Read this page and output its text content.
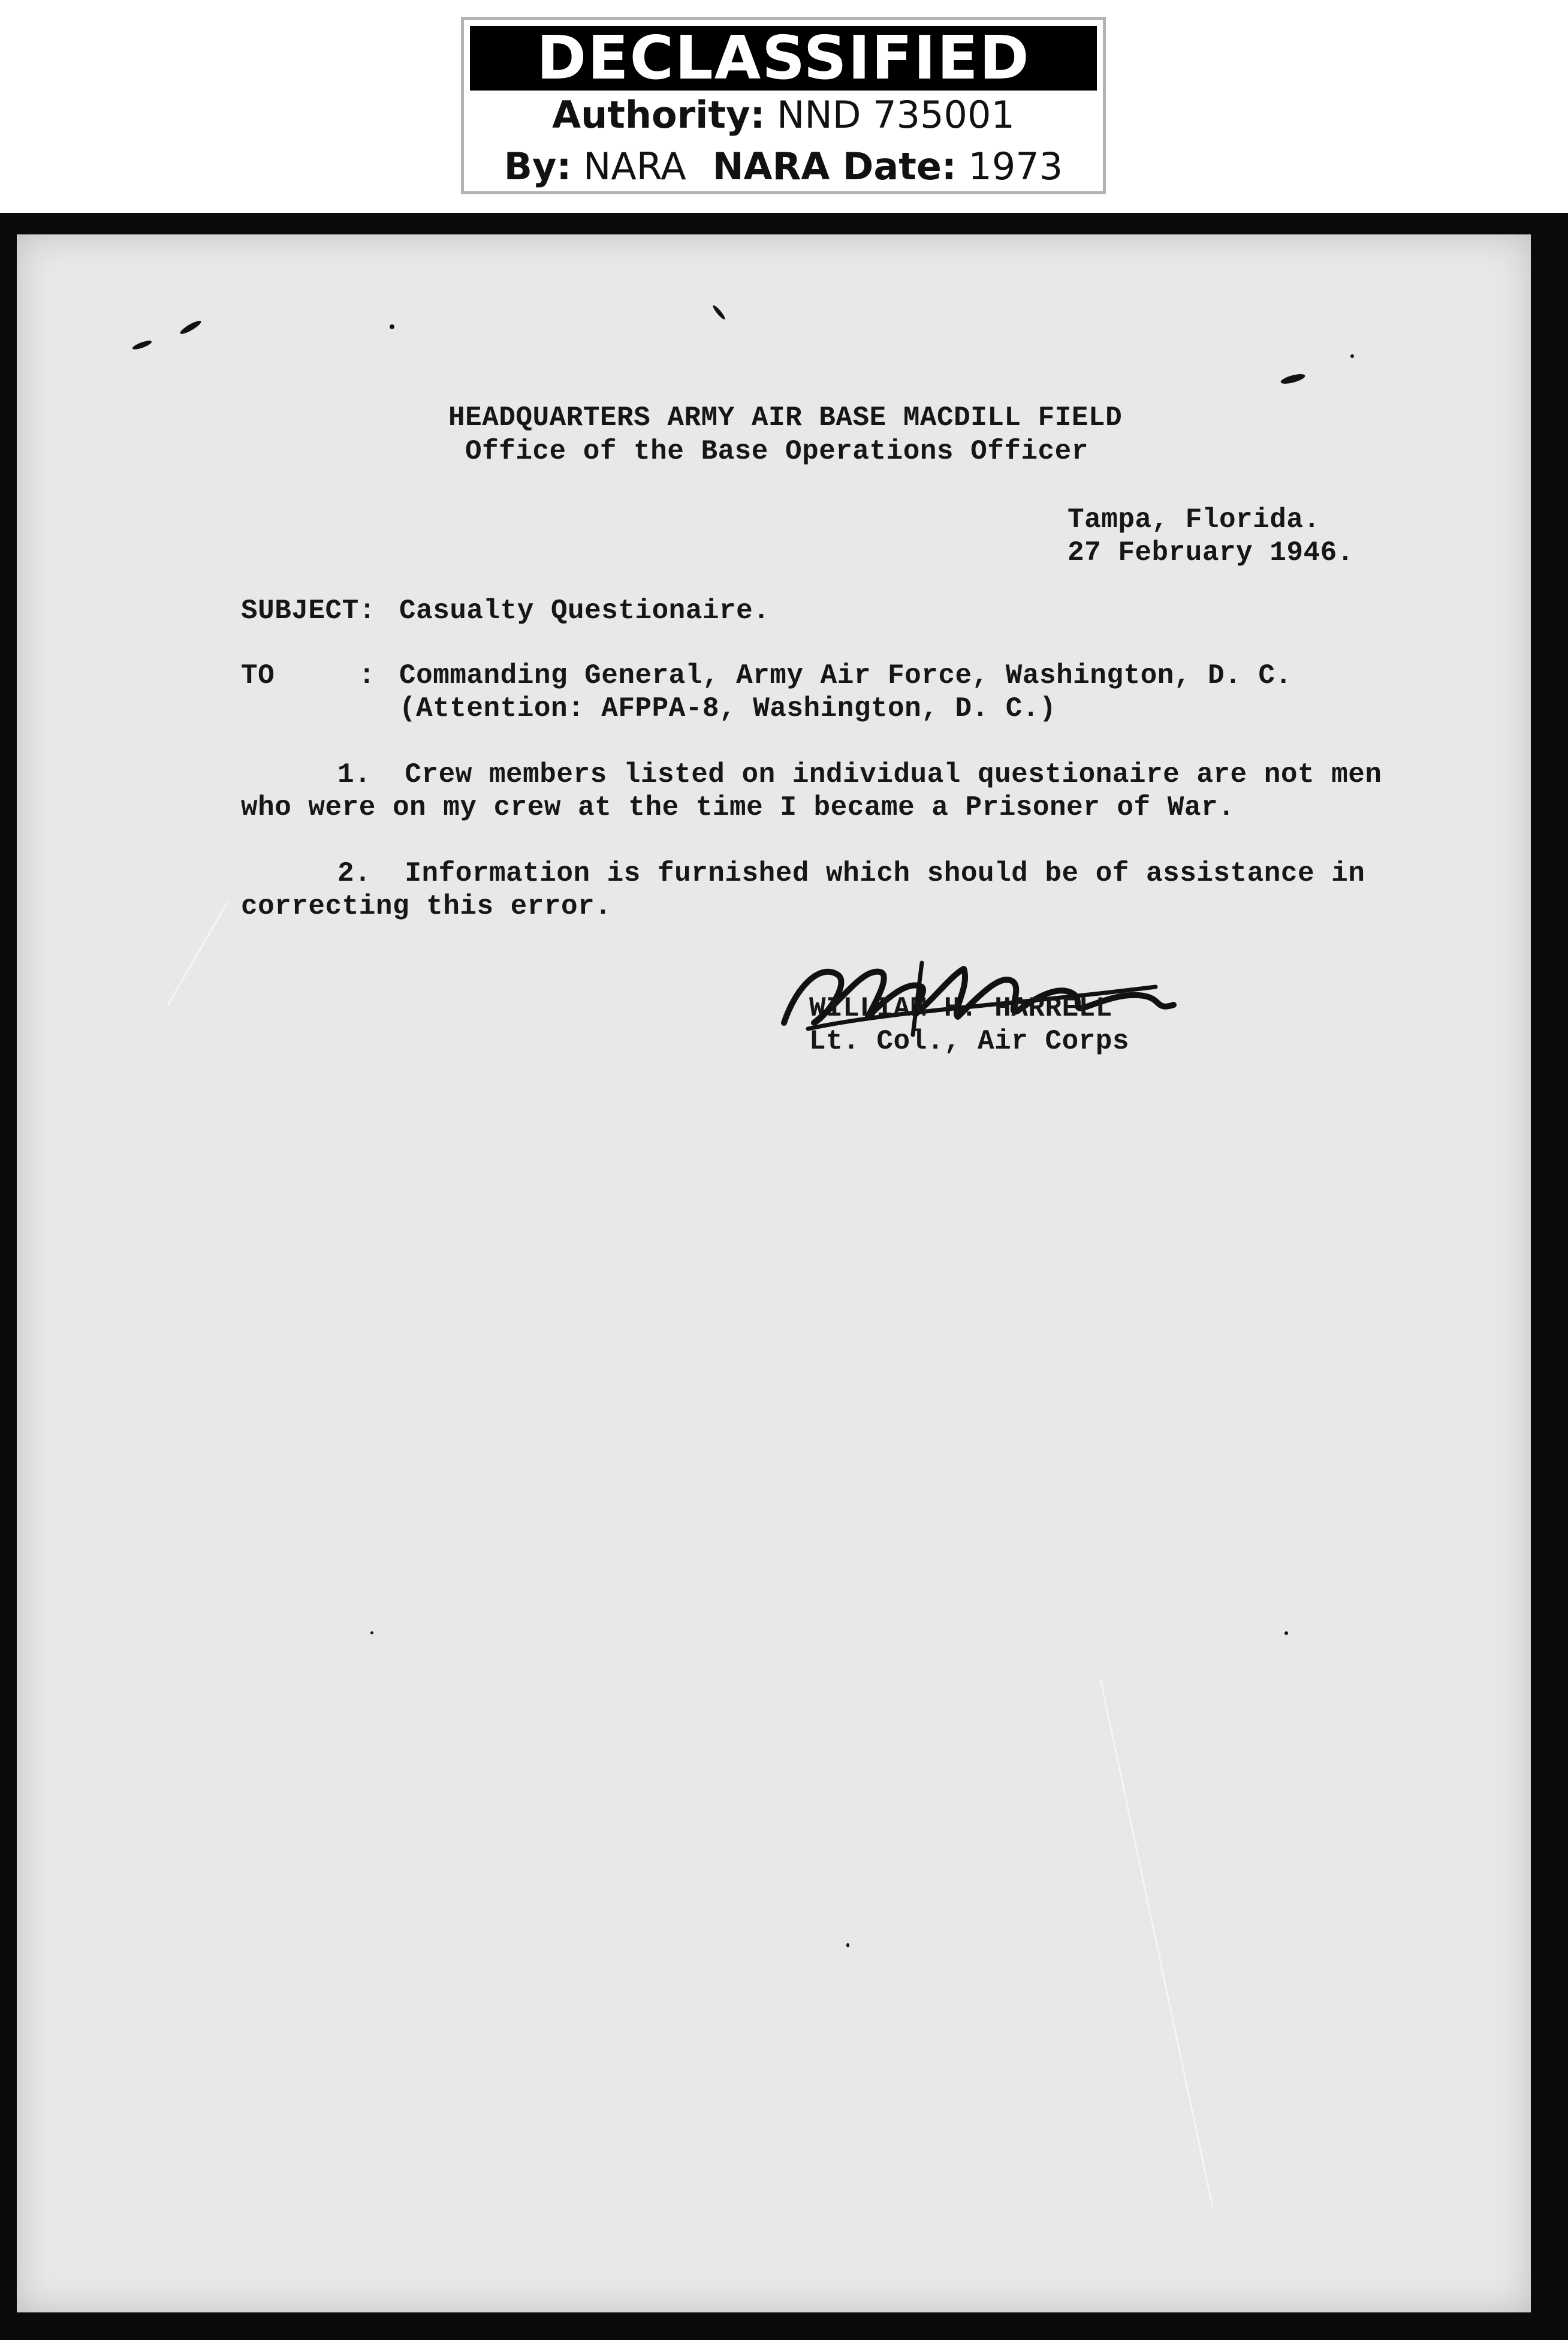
DECLASSIFIED
Authority: NND 735001
By: NARA NARA Date: 1973
HEADQUARTERS ARMY AIR BASE MACDILL FIELD
Office of the Base Operations Officer
Tampa, Florida.
27 February 1946.
SUBJECT: Casualty Questionaire.
TO	: Commanding General, Army Air Force, Washington, D. C.
(Attention: AFPPA-8, Washington, D. C.)
1.  Crew members listed on individual questionaire are not men
who were on my crew at the time I became a Prisoner of War.
2.  Information is furnished which should be of assistance in
correcting this error.
WILLIAM H. HARRELL
Lt. Col., Air Corps
